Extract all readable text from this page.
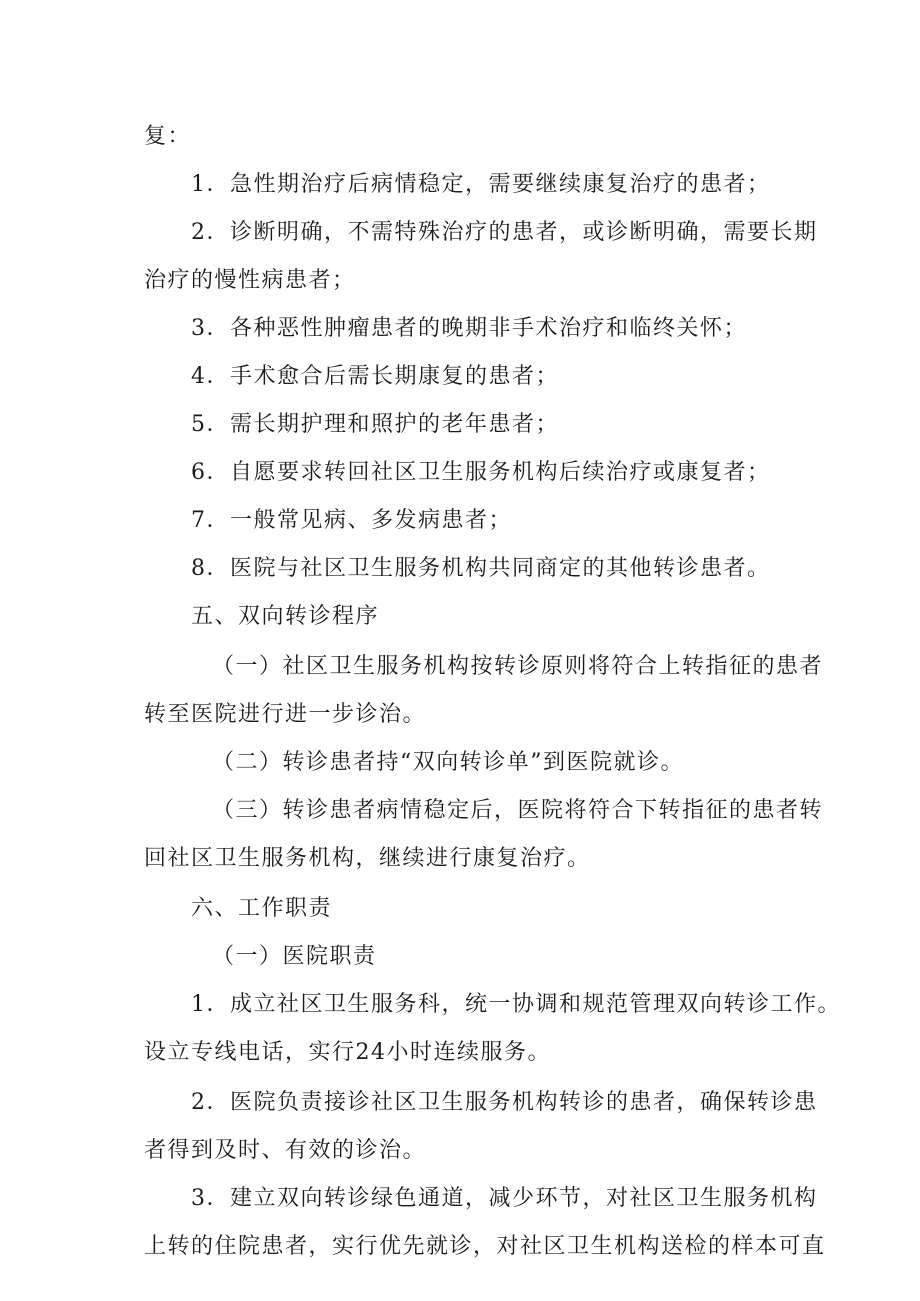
复：
1．急性期治疗后病情稳定，需要继续康复治疗的患者；
2．诊断明确，不需特殊治疗的患者，或诊断明确，需要长期
治疗的慢性病患者；
3．各种恶性肿瘤患者的晚期非手术治疗和临终关怀；
4．手术愈合后需长期康复的患者；
5．需长期护理和照护的老年患者；
6．自愿要求转回社区卫生服务机构后续治疗或康复者；
7．一般常见病、多发病患者；
8．医院与社区卫生服务机构共同商定的其他转诊患者。
五、双向转诊程序
（一）社区卫生服务机构按转诊原则将符合上转指征的患者
转至医院进行进一步诊治。
（二）转诊患者持“双向转诊单”到医院就诊。
（三）转诊患者病情稳定后，医院将符合下转指征的患者转
回社区卫生服务机构，继续进行康复治疗。
六、工作职责
（一）医院职责
1．成立社区卫生服务科，统一协调和规范管理双向转诊工作。
设立专线电话，实行24小时连续服务。
2．医院负责接诊社区卫生服务机构转诊的患者，确保转诊患
者得到及时、有效的诊治。
3．建立双向转诊绿色通道，减少环节，对社区卫生服务机构
上转的住院患者，实行优先就诊，对社区卫生机构送检的样本可直
